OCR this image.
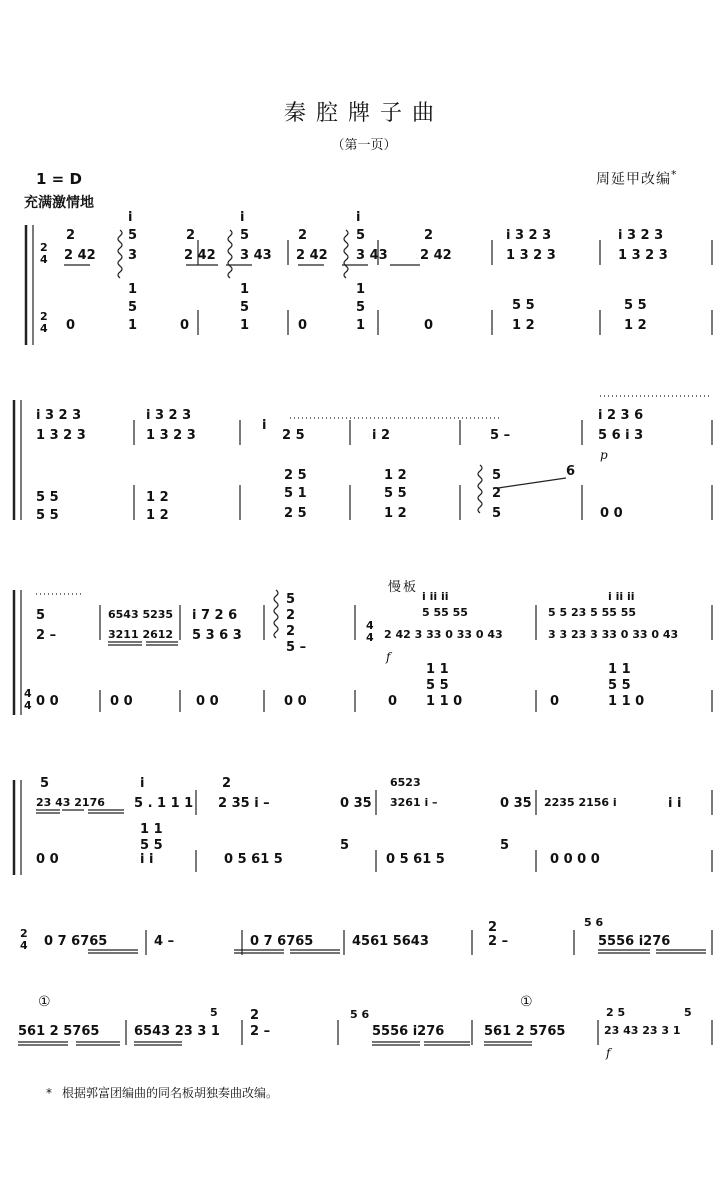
秦腔牌子曲
（第一页）
1 = D
充满激情地
周延甲改编*
2
4
2
4
4
4
4
4
2
4
2
i
2
i
2
i
2	i 3 2 3	i 3 2 3
5	5	5
2 42 3	2 42 3 43 2 42 3 43 2 42	1 3 2 3	1 3 2 3
1	1	1
5 5	5 5
5	5	5
0	1	0	1	0	1	0	1 2	1 2
i 3 2 3	i 3 2 3
i
i 2
i 2 3 6
1 3 2 3	1 3 2 3	2 5	5 –	5 6 i 3
p
2 5	1 2	5
5 1	5 5	2
6
5 5
5 5
1 2
1 2	2 5	1 2	5	0 0
慢板
5	6543 5235 i 7 2 6
5
2
i ii ii
5 5 23 5 55 55
i ii ii
5 55 55
2 –	3211 2612 5 3 6 3	2
5 –
2 42 3 33 0 33 0 43	3 3 23 3 33 0 33 0 43
f
1 1	1 1
5 5	5 5
0 0	0 0	0 0	0 0	0 1 1 0	0	1 1 0
5	i	2	6523
23 43 2176 5 . 1 1 1 2 35 i –	0 35 3261 i –	0 35 2235 2156 i	i i
1 1
5	5
5 5
0 0	i i	0 5 61 5	0 5 61 5	0 0 0 0
0 7 6765	4 –	0 7 6765	4561 5643
2
2 –
5 6
5556 i276
①
561 2 5765
5
6543 23 3 1
2
2 –
5 6
5556 i276
①
561 2 5765
2 5	5
23 43 23 3 1
f
* 根据郭富团编曲的同名板胡独奏曲改编。
